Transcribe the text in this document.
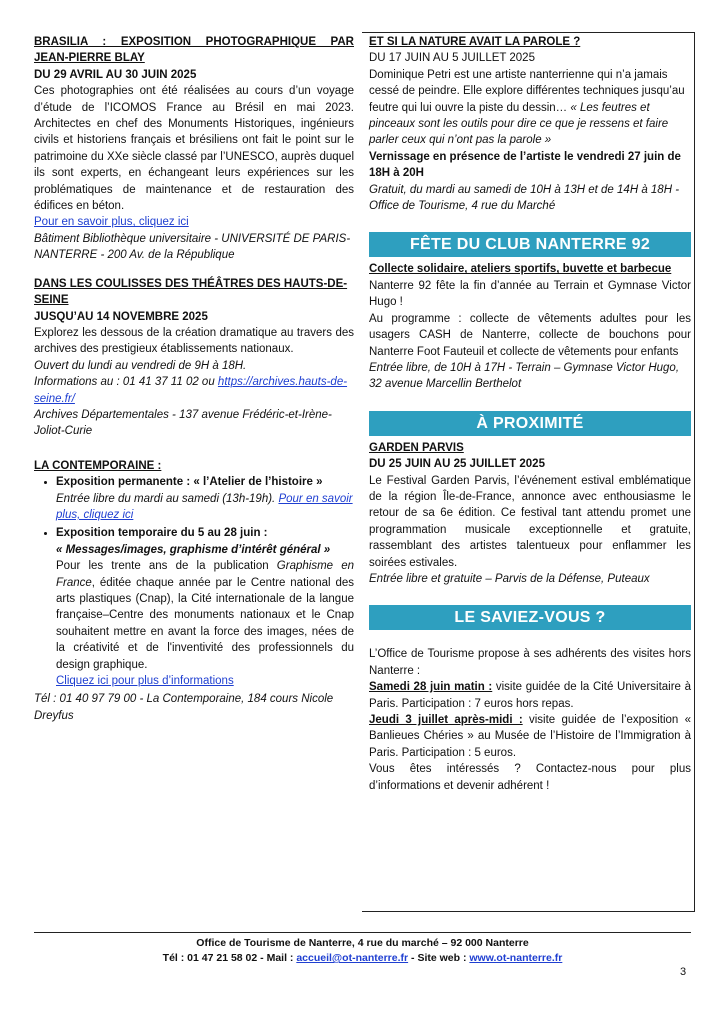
BRASILIA : EXPOSITION PHOTOGRAPHIQUE PAR
JEAN-PIERRE BLAY
DU 29 AVRIL AU 30 JUIN 2025
Ces photographies ont été réalisées au cours d’un voyage d’étude de l’ICOMOS France au Brésil en mai 2023. Architectes en chef des Monuments Historiques, ingénieurs civils et historiens français et brésiliens ont fait le point sur le patrimoine du XXe siècle classé par l’UNESCO, auprès duquel ils sont experts, en échangeant leurs expériences sur les problématiques de maintenance et de restauration des édifices en béton.
Pour en savoir plus, cliquez ici
Bâtiment Bibliothèque universitaire - UNIVERSITÉ DE PARIS-NANTERRE - 200 Av. de la République
DANS LES COULISSES DES THÉÂTRES DES HAUTS-DE-SEINE
JUSQU’AU 14 NOVEMBRE 2025
Explorez les dessous de la création dramatique au travers des archives des prestigieux établissements nationaux.
Ouvert du lundi au vendredi de 9H à 18H.
Informations au : 01 41 37 11 02 ou https://archives.hauts-de-seine.fr/
Archives Départementales - 137 avenue Frédéric-et-Irène-Joliot-Curie
LA CONTEMPORAINE :
• Exposition permanente : « l’Atelier de l’histoire »
Entrée libre du mardi au samedi (13h-19h). Pour en savoir plus, cliquez ici
• Exposition temporaire du 5 au 28 juin :
« Messages/images, graphisme d’intérêt général »
Pour les trente ans de la publication Graphisme en France, éditée chaque année par le Centre national des arts plastiques (Cnap), la Cité internationale de la langue française–Centre des monuments nationaux et le Cnap souhaitent mettre en avant la force des images, nées de la créativité et de l'inventivité des professionnels du design graphique.
Cliquez ici pour plus d’informations
Tél : 01 40 97 79 00 - La Contemporaine, 184 cours Nicole Dreyfus
ET SI LA NATURE AVAIT LA PAROLE ?
DU 17 JUIN AU 5 JUILLET 2025
Dominique Petri est une artiste nanterrienne qui n’a jamais cessé de peindre. Elle explore différentes techniques jusqu’au feutre qui lui ouvre la piste du dessin… « Les feutres et pinceaux sont les outils pour dire ce que je ressens et faire parler ceux qui n’ont pas la parole »
Vernissage en présence de l’artiste le vendredi 27 juin de 18H à 20H
Gratuit, du mardi au samedi de 10H à 13H et de 14H à 18H - Office de Tourisme, 4 rue du Marché
FÊTE DU CLUB NANTERRE 92
Collecte solidaire, ateliers sportifs, buvette et barbecue
Nanterre 92 fête la fin d’année au Terrain et Gymnase Victor Hugo !
Au programme : collecte de vêtements adultes pour les usagers CASH de Nanterre, collecte de bouchons pour Nanterre Foot Fauteuil et collecte de vêtements pour enfants
Entrée libre, de 10H à 17H - Terrain – Gymnase Victor Hugo, 32 avenue Marcellin Berthelot
À PROXIMITÉ
GARDEN PARVIS
DU 25 JUIN AU 25 JUILLET 2025
Le Festival Garden Parvis, l’événement estival emblématique de la région Île-de-France, annonce avec enthousiasme le retour de sa 6e édition. Ce festival tant attendu promet une programmation musicale exceptionnelle et gratuite, rassemblant des artistes talentueux pour enflammer les soirées estivales.
Entrée libre et gratuite – Parvis de la Défense, Puteaux
LE SAVIEZ-VOUS ?
L’Office de Tourisme propose à ses adhérents des visites hors Nanterre :
Samedi 28 juin matin : visite guidée de la Cité Universitaire à Paris. Participation : 7 euros hors repas.
Jeudi 3 juillet après-midi : visite guidée de l’exposition « Banlieues Chéries » au Musée de l’Histoire de l’Immigration à Paris. Participation : 5 euros.
Vous êtes intéressés ? Contactez-nous pour plus d’informations et devenir adhérent !
Office de Tourisme de Nanterre, 4 rue du marché – 92 000 Nanterre
Tél : 01 47 21 58 02 - Mail : accueil@ot-nanterre.fr - Site web : www.ot-nanterre.fr
3
